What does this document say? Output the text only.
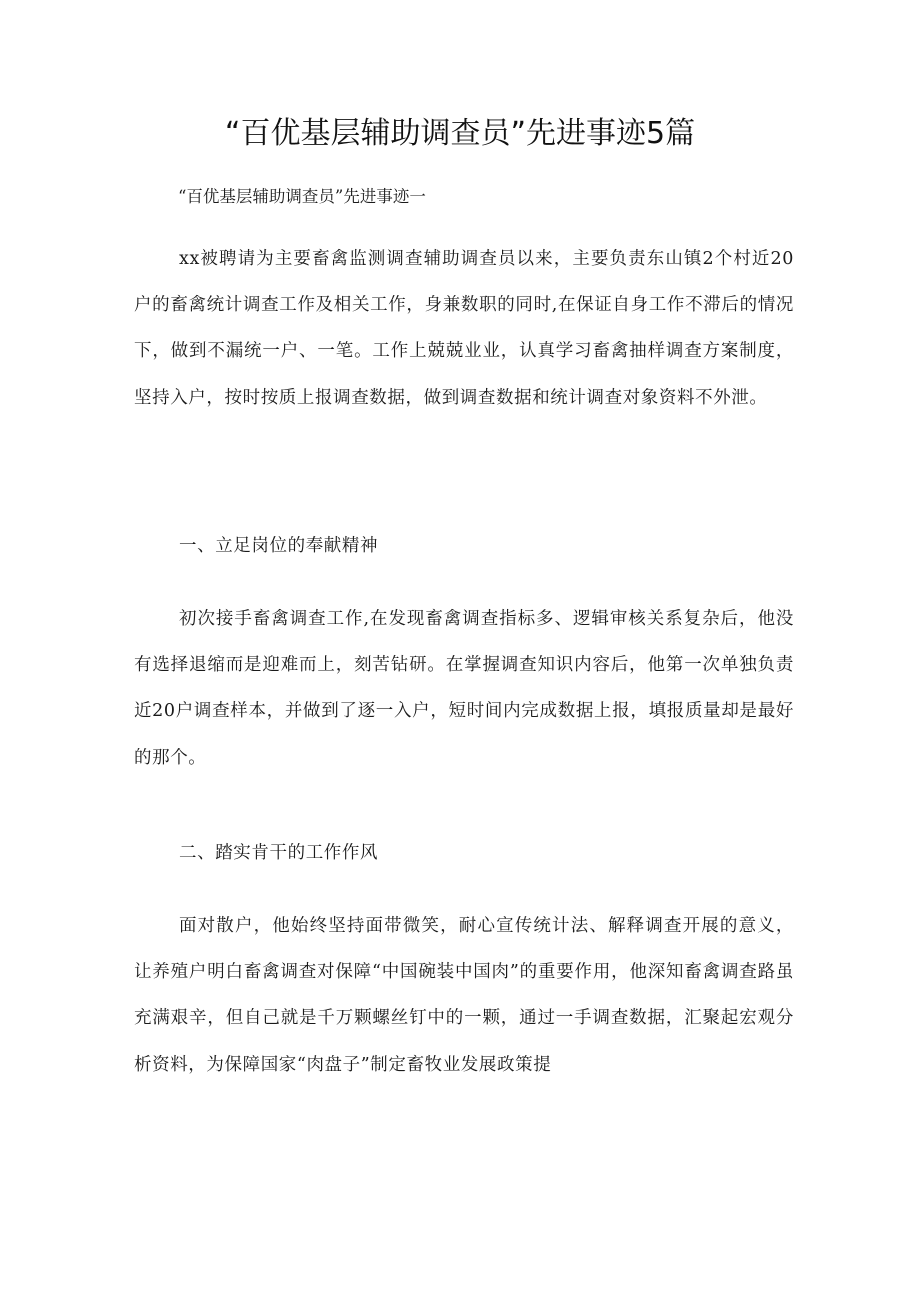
“百优基层辅助调查员”先进事迹5篇
“百优基层辅助调查员”先进事迹一

xx被聘请为主要畜禽监测调查辅助调查员以来，主要负责东山镇2个村近20户的畜禽统计调查工作及相关工作，身兼数职的同时,在保证自身工作不滞后的情况下，做到不漏统一户、一笔。工作上兢兢业业，认真学习畜禽抽样调查方案制度，坚持入户，按时按质上报调查数据，做到调查数据和统计调查对象资料不外泄。

一、立足岗位的奉献精神

初次接手畜禽调查工作,在发现畜禽调查指标多、逻辑审核关系复杂后，他没有选择退缩而是迎难而上，刻苦钻研。在掌握调查知识内容后，他第一次单独负责近20户调查样本，并做到了逐一入户，短时间内完成数据上报，填报质量却是最好的那个。

二、踏实肯干的工作作风

面对散户，他始终坚持面带微笑，耐心宣传统计法、解释调查开展的意义，让养殖户明白畜禽调查对保障“中国碗装中国肉”的重要作用，他深知畜禽调查路虽充满艰辛，但自己就是千万颗螺丝钉中的一颗，通过一手调查数据，汇聚起宏观分析资料，为保障国家“肉盘子”制定畜牧业发展政策提
